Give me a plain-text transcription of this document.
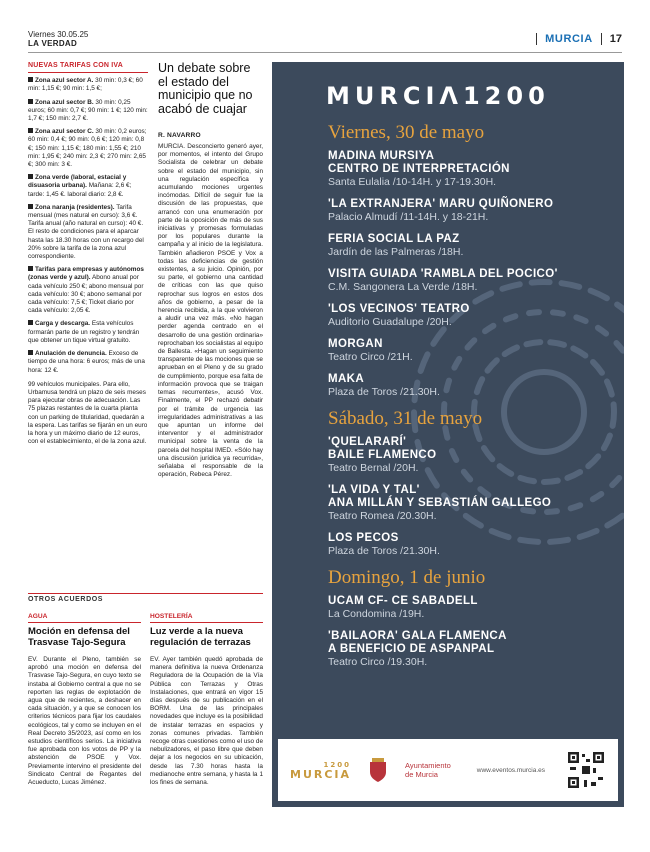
Viernes 30.05.25
LA VERDAD	MURCIA 17
NUEVAS TARIFAS CON IVA
Zona azul sector A. 30 min: 0,3 €; 60 min: 1,15 €; 90 min: 1,5 €;
Zona azul sector B. 30 min: 0,25 euros; 60 min: 0,7 €; 90 min: 1 €; 120 min: 1,7 €; 150 min: 2,7 €.
Zona azul sector C. 30 min: 0,2 euros; 60 min: 0,4 €; 90 min: 0,6 €; 120 min: 0,8 €; 150 min: 1,15 €; 180 min: 1,55 €; 210 min: 1,95 €; 240 min: 2,3 €; 270 min: 2,65 €; 300 min: 3 €.
Zona verde (laboral, estacial y disuasoria urbana). Mañana: 2,6 €; tarde: 1,45 €. laboral diario: 2,8 €.
Zona naranja (residentes). Tarifa mensual (mes natural en curso): 3,6 €. Tarifa anual (año natural en curso): 40 €. El resto de condiciones para el aparcar hasta las 18.30 horas con un recargo del 20% sobre la tarifa de la zona azul correspondiente.
Tarifas para empresas y autónomos (zonas verde y azul). Abono anual por cada vehículo 250 €; abono mensual por cada vehículo: 30 €; abono semanal por cada vehículo: 7,5 €; Ticket diario por cada vehículo: 2,05 €.
Carga y descarga. Esta vehículos formarán parte de un registro y tendrán que obtener un tique virtual gratuito.
Anulación de denuncia. Exceso de tiempo de una hora: 6 euros; más de una hora: 12 €.
99 vehículos municipales. Para ello, Urbamusa tendrá un plazo de seis meses para ejecutar obras de adecuación. Las 75 plazas restantes de la cuarta planta con un parking de titularidad, quedarán a la espera. Las tarifas se fijarán en un euro la hora y un máximo diario de 12 euros, con el establecimiento, el de la zona azul.
Un debate sobre el estado del municipio que no acabó de cuajar
R. NAVARRO
MURCIA. Desconcierto generó ayer, por momentos, el intento del Grupo Socialista de celebrar un debate sobre el estado del municipio, sin una regulación específica y acumulando mociones urgentes incómodas. Difícil de seguir fue la discusión de las propuestas, que arrancó con una enumeración por parte de la oposición de más de sus iniciativas y promesas formuladas por los populares durante la campaña y al inicio de la legislatura. También añadieron PSOE y Vox a todas las deficiencias de gestión existentes, a su juicio. Opinión, por su parte, el gobierno una cantidad de críticas con las que quiso reprochar sus logros en estos dos años de gobierno, a pesar de la herencia recibida, a la que volvieron a aludir una vez más. «No hagan perder agenda centrado en el desarrollo de una gestión ordinaria» reprochaban los socialistas al equipo de Ballesta. «Hagan un seguimiento transparente de las mociones que se aprueban en el Pleno y de su grado de cumplimiento, porque esa falta de información provoca que se traigan temas recurrentes», acusó Vox. Finalmente, el PP rechazó debatir por el trámite de urgencia las irregularidades administrativas a las que apuntan un informe del interventor y el administrador municipal sobre la venta de la parcela del hospital IMED. «Sólo hay una discusión jurídica ya recurrida», señalaba el responsable de la operación, Rebeca Pérez.
OTROS ACUERDOS
AGUA
Moción en defensa del Trasvase Tajo-Segura
EV. Durante el Pleno, también se aprobó una moción en defensa del Trasvase Tajo-Segura, en cuyo texto se instaba al Gobierno central a que no se reporten las reglas de explotación de agua que de recientes, a deshacer en cada situación, y a que se conocen los criterios técnicos para fijar los caudales ecológicos, tal y como se incluyen en el Real Decreto 35/2023, así como en los estudios científicos serios. La iniciativa fue aprobada con los votos de PP y la abstención de PSOE y Vox. Previamente intervino el presidente del Sindicato Central de Regantes del Acueducto, Lucas Jiménez.
HOSTELERÍA
Luz verde a la nueva regulación de terrazas
EV. Ayer también quedó aprobada de manera definitiva la nueva Ordenanza Reguladora de la Ocupación de la Vía Pública con Terrazas y Otras Instalaciones, que entrará en vigor 15 días después de su publicación en el BORM. Una de las principales novedades que incluye es la posibilidad de instalar terrazas en espacios y zonas comunes privadas. También recoge otras cuestiones como el uso de nebulizadores, el paso libre que deben dejar a los negocios en su ubicación, desde las 7.30 horas hasta la medianoche entre semana, y hasta la 1 los fines de semana.
MURCIΛ1200
Viernes, 30 de mayo
MADINA MURSIYA
CENTRO DE INTERPRETACIÓN
Santa Eulalia /10-14H. y 17-19.30H.
'LA EXTRANJERA' MARU QUIÑONERO
Palacio Almudí /11-14H. y 18-21H.
FERIA SOCIAL LA PAZ
Jardín de las Palmeras /18H.
VISITA GUIADA 'RAMBLA DEL POCICO'
C.M. Sangonera La Verde /18H.
'LOS VECINOS' TEATRO
Auditorio Guadalupe /20H.
MORGAN
Teatro Circo /21H.
MAKA
Plaza de Toros /21.30H.
Sábado, 31 de mayo
'QUELARARÍ'
BAILE FLAMENCO
Teatro Bernal /20H.
'LA VIDA Y TAL'
ANA MILLÁN Y SEBASTIÁN GALLEGO
Teatro Romea /20.30H.
LOS PECOS
Plaza de Toros /21.30H.
Domingo, 1 de junio
UCAM CF- CE SABADELL
La Condomina /19H.
'BAILAORA' GALA FLAMENCA
A BENEFICIO DE ASPANPAL
Teatro Circo /19.30H.
1200
MURCIA
Ayuntamiento
de Murcia	www.eventos.murcia.es
